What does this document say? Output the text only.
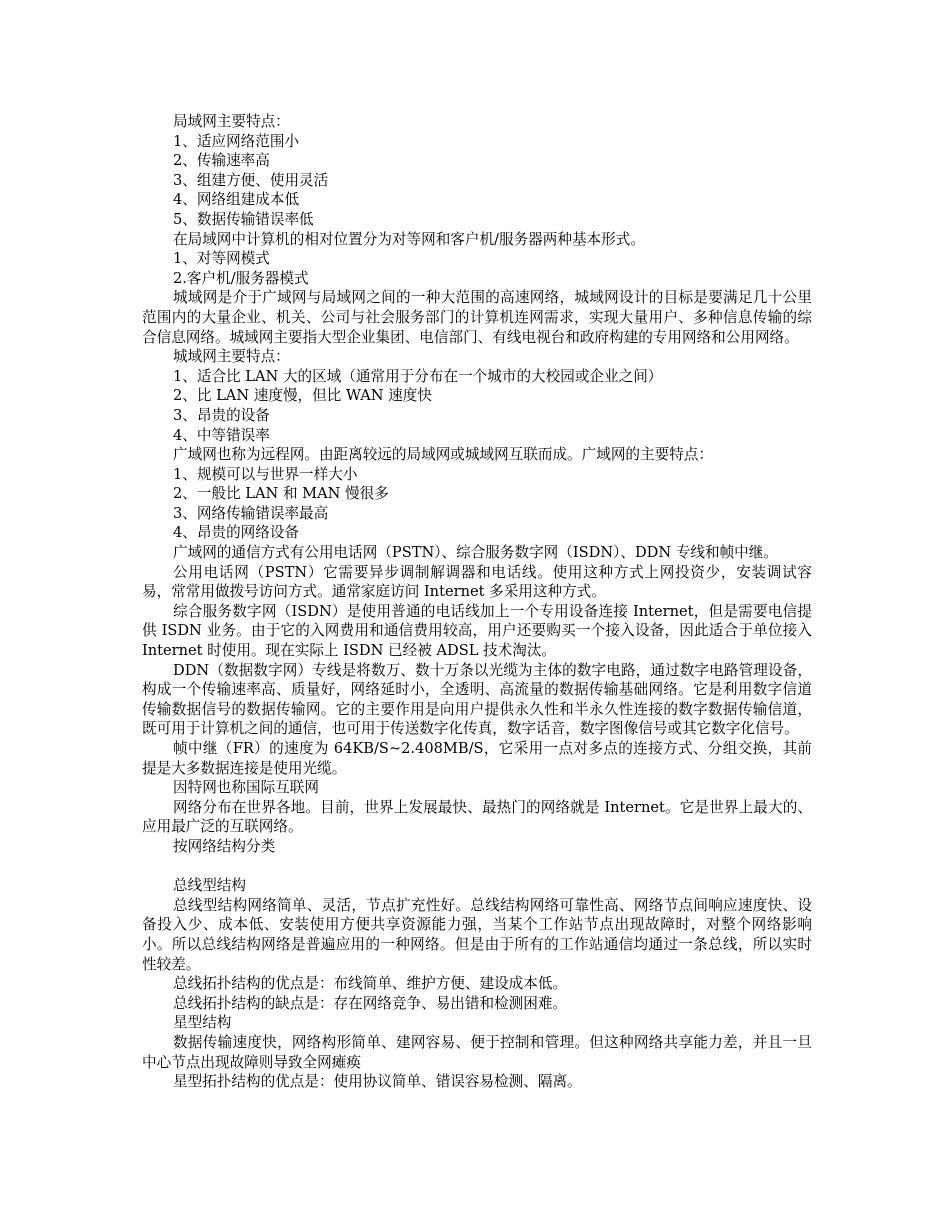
局域网主要特点：

1、适应网络范围小

2、传输速率高

3、组建方便、使用灵活

4、网络组建成本低

5、数据传输错误率低

在局域网中计算机的相对位置分为对等网和客户机/服务器两种基本形式。

1、对等网模式

2.客户机/服务器模式

城域网是介于广域网与局域网之间的一种大范围的高速网络，城域网设计的目标是要满足几十公里范围内的大量企业、机关、公司与社会服务部门的计算机连网需求，实现大量用户、多种信息传输的综合信息网络。城域网主要指大型企业集团、电信部门、有线电视台和政府构建的专用网络和公用网络。

城域网主要特点：

1、适合比 LAN 大的区域（通常用于分布在一个城市的大校园或企业之间）

2、比 LAN 速度慢，但比 WAN 速度快

3、昂贵的设备

4、中等错误率

广域网也称为远程网。由距离较远的局域网或城域网互联而成。广域网的主要特点：

1、规模可以与世界一样大小

2、一般比 LAN 和 MAN 慢很多

3、网络传输错误率最高

4、昂贵的网络设备

广域网的通信方式有公用电话网（PSTN）、综合服务数字网（ISDN）、DDN 专线和帧中继。

公用电话网（PSTN）它需要异步调制解调器和电话线。使用这种方式上网投资少，安装调试容易，常常用做拨号访问方式。通常家庭访问 Internet 多采用这种方式。

综合服务数字网（ISDN）是使用普通的电话线加上一个专用设备连接 Internet，但是需要电信提供 ISDN 业务。由于它的入网费用和通信费用较高，用户还要购买一个接入设备，因此适合于单位接入 Internet 时使用。现在实际上 ISDN 已经被 ADSL 技术淘汰。

DDN（数据数字网）专线是将数万、数十万条以光缆为主体的数字电路，通过数字电路管理设备，构成一个传输速率高、质量好，网络延时小，全透明、高流量的数据传输基础网络。它是利用数字信道传输数据信号的数据传输网。它的主要作用是向用户提供永久性和半永久性连接的数字数据传输信道，既可用于计算机之间的通信，也可用于传送数字化传真，数字话音，数字图像信号或其它数字化信号。

帧中继（FR）的速度为 64KB/S~2.408MB/S，它采用一点对多点的连接方式、分组交换，其前提是大多数据连接是使用光缆。

因特网也称国际互联网

网络分布在世界各地。目前，世界上发展最快、最热门的网络就是 Internet。它是世界上最大的、应用最广泛的互联网络。

按网络结构分类

总线型结构

总线型结构网络简单、灵活，节点扩充性好。总线结构网络可靠性高、网络节点间响应速度快、设备投入少、成本低、安装使用方便共享资源能力强，当某个工作站节点出现故障时，对整个网络影响小。所以总线结构网络是普遍应用的一种网络。但是由于所有的工作站通信均通过一条总线，所以实时性较差。

总线拓扑结构的优点是：布线简单、维护方便、建设成本低。

总线拓扑结构的缺点是：存在网络竞争、易出错和检测困难。

星型结构

数据传输速度快，网络构形简单、建网容易、便于控制和管理。但这种网络共享能力差，并且一旦中心节点出现故障则导致全网瘫痪

星型拓扑结构的优点是：使用协议简单、错误容易检测、隔离。
